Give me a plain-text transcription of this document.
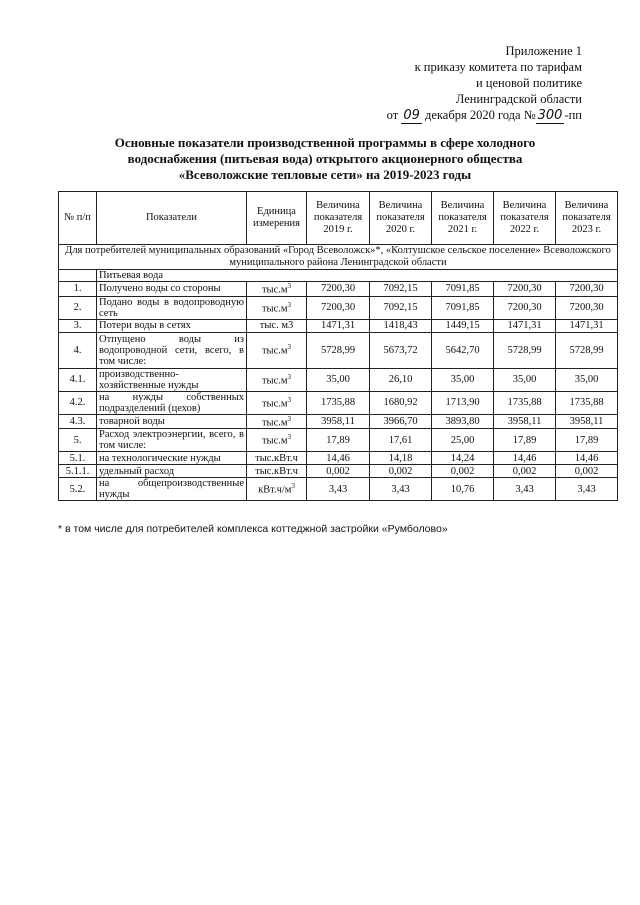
Приложение 1
к приказу комитета по тарифам
и ценовой политике
Ленинградской области
от 09 декабря 2020 года № 300 -пп
Основные показатели производственной программы в сфере холодного водоснабжения (питьевая вода) открытого акционерного общества «Всеволожские тепловые сети» на 2019-2023 годы
№ п/п	Показатели	Единица измерения	Величина показателя 2019 г.	Величина показателя 2020 г.	Величина показателя 2021 г.	Величина показателя 2022 г.	Величина показателя 2023 г.
Для потребителей муниципальных образований «Город Всеволожск»*, «Колтушское сельское поселение» Всеволожского муниципального района Ленинградской области							
	Питьевая вода						
1.	Получено воды со стороны	$тыс.м^3$	7200,30	7092,15	7091,85	7200,30	7200,30
2.	Подано воды в водопроводную сеть	$тыс.м^3$	7200,30	7092,15	7091,85	7200,30	7200,30
3.	Потери воды в сетях	тыс. м3	1471,31	1418,43	1449,15	1471,31	1471,31
4.	Отпущено воды из водопроводной сети, всего, в том числе:	$тыс.м^3$	5728,99	5673,72	5642,70	5728,99	5728,99
4.1.	производственно-хозяйственные нужды	$тыс.м^3$	35,00	26,10	35,00	35,00	35,00
4.2.	на нужды собственных подразделений (цехов)	$тыс.м^3$	1735,88	1680,92	1713,90	1735,88	1735,88
4.3.	товарной воды	$тыс.м^3$	3958,11	3966,70	3893,80	3958,11	3958,11
5.	Расход электроэнергии, всего, в том числе:	$тыс.м^3$	17,89	17,61	25,00	17,89	17,89
5.1.	на технологические нужды	тыс.кВт.ч	14,46	14,18	14,24	14,46	14,46
5.1.1.	удельный расход	тыс.кВт.ч	0,002	0,002	0,002	0,002	0,002
5.2.	на общепроизводственные нужды	$кВт.ч/м^3$	3,43	3,43	10,76	3,43	3,43
* в том числе для потребителей комплекса коттеджной застройки «Румболово»
